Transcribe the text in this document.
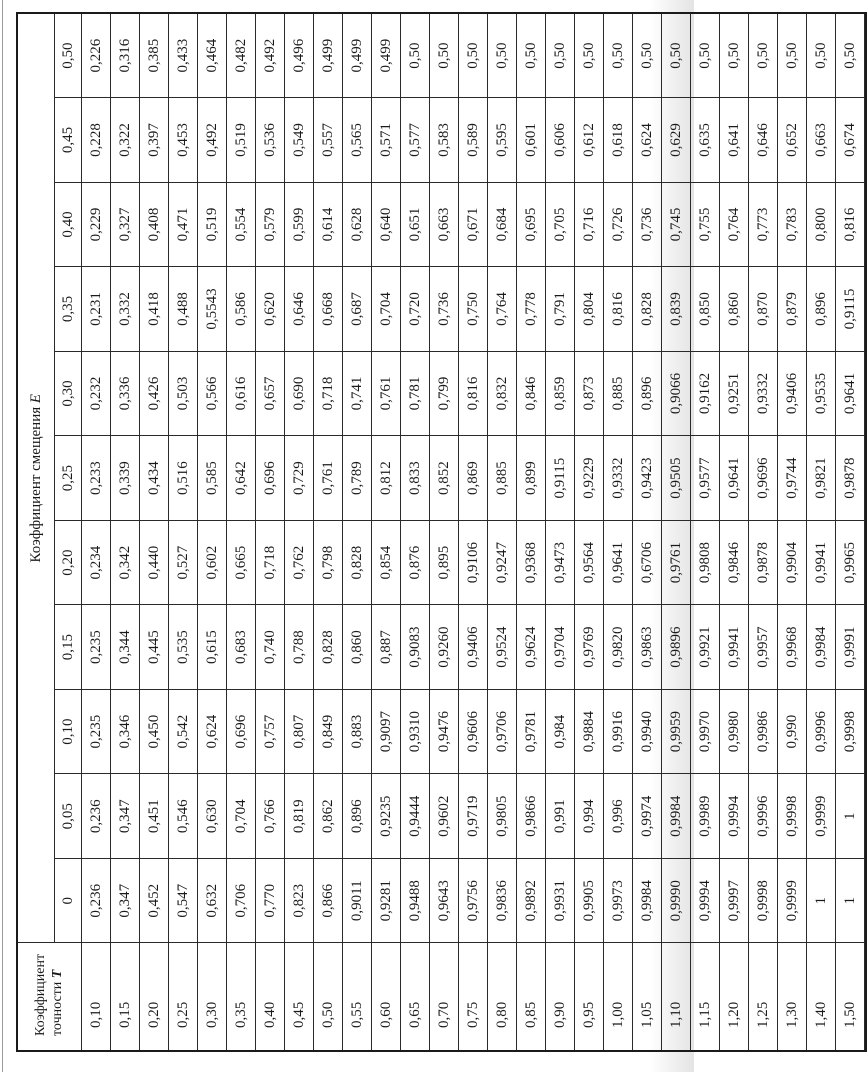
Коэффициент
точности T	Коэффициент смещения E										
	0	0,05	0,10	0,15	0,20	0,25	0,30	0,35	0,40	0,45	0,50
0,10	0,236	0,236	0,235	0,235	0,234	0,233	0,232	0,231	0,229	0,228	0,226
0,15	0,347	0,347	0,346	0,344	0,342	0,339	0,336	0,332	0,327	0,322	0,316
0,20	0,452	0,451	0,450	0,445	0,440	0,434	0,426	0,418	0,408	0,397	0,385
0,25	0,547	0,546	0,542	0,535	0,527	0,516	0,503	0,488	0,471	0,453	0,433
0,30	0,632	0,630	0,624	0,615	0,602	0,585	0,566	0,5543	0,519	0,492	0,464
0,35	0,706	0,704	0,696	0,683	0,665	0,642	0,616	0,586	0,554	0,519	0,482
0,40	0,770	0,766	0,757	0,740	0,718	0,696	0,657	0,620	0,579	0,536	0,492
0,45	0,823	0,819	0,807	0,788	0,762	0,729	0,690	0,646	0,599	0,549	0,496
0,50	0,866	0,862	0,849	0,828	0,798	0,761	0,718	0,668	0,614	0,557	0,499
0,55	0,9011	0,896	0,883	0,860	0,828	0,789	0,741	0,687	0,628	0,565	0,499
0,60	0,9281	0,9235	0,9097	0,887	0,854	0,812	0,761	0,704	0,640	0,571	0,499
0,65	0,9488	0,9444	0,9310	0,9083	0,876	0,833	0,781	0,720	0,651	0,577	0,50
0,70	0,9643	0,9602	0,9476	0,9260	0,895	0,852	0,799	0,736	0,663	0,583	0,50
0,75	0,9756	0,9719	0,9606	0,9406	0,9106	0,869	0,816	0,750	0,671	0,589	0,50
0,80	0,9836	0,9805	0,9706	0,9524	0,9247	0,885	0,832	0,764	0,684	0,595	0,50
0,85	0,9892	0,9866	0,9781	0,9624	0,9368	0,899	0,846	0,778	0,695	0,601	0,50
0,90	0,9931	0,991	0,984	0,9704	0,9473	0,9115	0,859	0,791	0,705	0,606	0,50
0,95	0,9905	0,994	0,9884	0,9769	0,9564	0,9229	0,873	0,804	0,716	0,612	0,50
1,00	0,9973	0,996	0,9916	0,9820	0,9641	0,9332	0,885	0,816	0,726	0,618	0,50
1,05	0,9984	0,9974	0,9940	0,9863	0,6706	0,9423	0,896	0,828	0,736	0,624	0,50
1,10	0,9990	0,9984	0,9959	0,9896	0,9761	0,9505	0,9066	0,839	0,745	0,629	0,50
1,15	0,9994	0,9989	0,9970	0,9921	0,9808	0,9577	0,9162	0,850	0,755	0,635	0,50
1,20	0,9997	0,9994	0,9980	0,9941	0,9846	0,9641	0,9251	0,860	0,764	0,641	0,50
1,25	0,9998	0,9996	0,9986	0,9957	0,9878	0,9696	0,9332	0,870	0,773	0,646	0,50
1,30	0,9999	0,9998	0,990	0,9968	0,9904	0,9744	0,9406	0,879	0,783	0,652	0,50
1,40	1	0,9999	0,9996	0,9984	0,9941	0,9821	0,9535	0,896	0,800	0,663	0,50
1,50	1	1	0,9998	0,9991	0,9965	0,9878	0,9641	0,9115	0,816	0,674	0,50
